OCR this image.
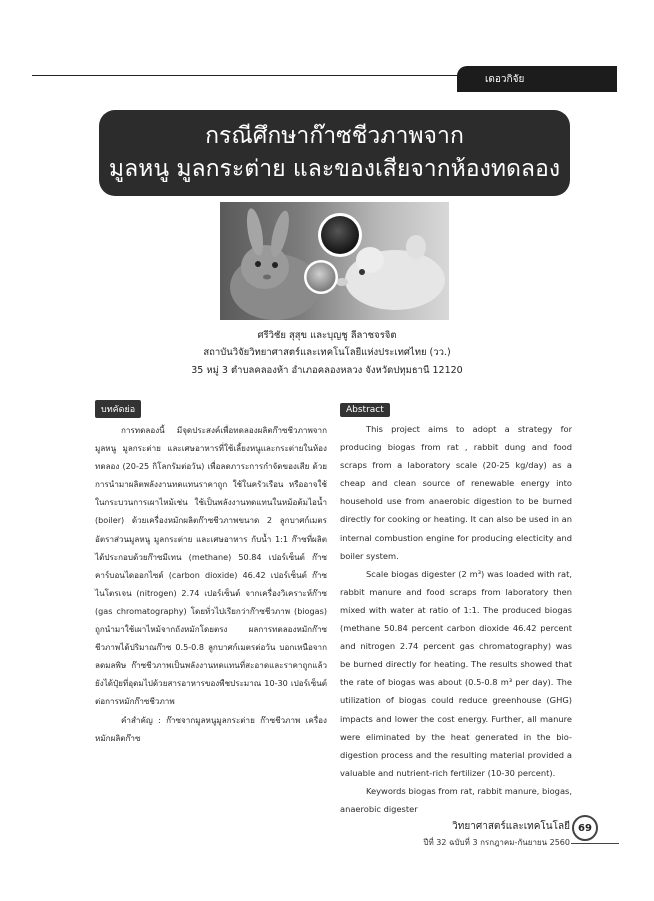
เดอวกิจัย
กรณีศึกษาก๊าซชีวภาพจาก
มูลหนู มูลกระต่าย และของเสียจากห้องทดลอง
ศรีวิชัย สุสุข และบุญชู ลีลาชจรจิต
สถาบันวิจัยวิทยาศาสตร์และเทคโนโลยีแห่งประเทศไทย (วว.)
35 หมู่ 3 ตำบลคลองห้า อำเภอคลองหลวง จังหวัดปทุมธานี 12120
บทคัดย่อ

การทดลองนี้ มีจุดประสงค์เพื่อทดลองผลิตก๊าซชีวภาพจากมูลหนู มูลกระต่าย และเศษอาหารที่ใช้เลี้ยงหนูและกระต่ายในห้องทดลอง (20-25 กิโลกรัมต่อวัน) เพื่อลดภาระการกำจัดของเสีย ด้วยการนำมาผลิตพลังงานทดแทนราคาถูก ใช้ในครัวเรือน หรืออาจใช้ในกระบวนการเผาไหม้เช่น ใช้เป็นพลังงานทดแทนในหม้อต้มไอน้ำ (boiler) ด้วยเครื่องหมักผลิตก๊าซชีวภาพขนาด 2 ลูกบาศก์เมตร อัตราส่วนมูลหนู มูลกระต่าย และเศษอาหาร กับน้ำ 1:1 ก๊าซที่ผลิตได้ประกอบด้วยก๊าซมีเทน (methane) 50.84 เปอร์เซ็นต์ ก๊าซคาร์บอนไดออกไซด์ (carbon dioxide) 46.42 เปอร์เซ็นต์ ก๊าซไนโตรเจน (nitrogen) 2.74 เปอร์เซ็นต์ จากเครื่องวิเคราะห์ก๊าซ (gas chromatography) โดยทั่วไปเรียกว่าก๊าซชีวภาพ (biogas) ถูกนำมาใช้เผาไหม้จากถังหมักโดยตรง ผลการทดลองหมักก๊าซชีวภาพได้ปริมาณก๊าซ 0.5-0.8 ลูกบาศก์เมตรต่อวัน บอกเหนือจากลดมลพิษ ก๊าซชีวภาพเป็นพลังงานทดแทนที่สะอาดและราคาถูกแล้ว ยังได้ปุ๋ยที่อุดมไปด้วยสารอาหารของพืชประมาณ 10-30 เปอร์เซ็นต์ต่อการหมักก๊าซชีวภาพ

คำสำคัญ : ก๊าซจากมูลหนูมูลกระต่าย ก๊าซชีวภาพ เครื่องหมักผลิตก๊าซ

Abstract

This project aims to adopt a strategy for producing biogas from rat , rabbit dung and food scraps from a laboratory scale (20-25 kg/day) as a cheap and clean source of renewable energy into household use from anaerobic digestion to be burned directly for cooking or heating. It can also be used in an internal combustion engine for producing electicity and boiler system.

Scale biogas digester (2 m³) was loaded with rat, rabbit manure and food scraps from laboratory then mixed with water at ratio of 1:1. The produced biogas (methane 50.84 percent carbon dioxide 46.42 percent and nitrogen 2.74 percent gas chromatography) was be burned directly for heating. The results showed that the rate of biogas was about (0.5-0.8 m³ per day). The utilization of biogas could reduce greenhouse (GHG) impacts and lower the cost energy. Further, all manure were eliminated by the heat generated in the bio-digestion process and the resulting material provided a valuable and nutrient-rich fertilizer (10-30 percent).

Keywords biogas from rat, rabbit manure, biogas, anaerobic digester

วิทยาศาสตร์และเทคโนโลยี
ปีที่ 32 ฉบับที่ 3 กรกฎาคม-กันยายน 2560
69
